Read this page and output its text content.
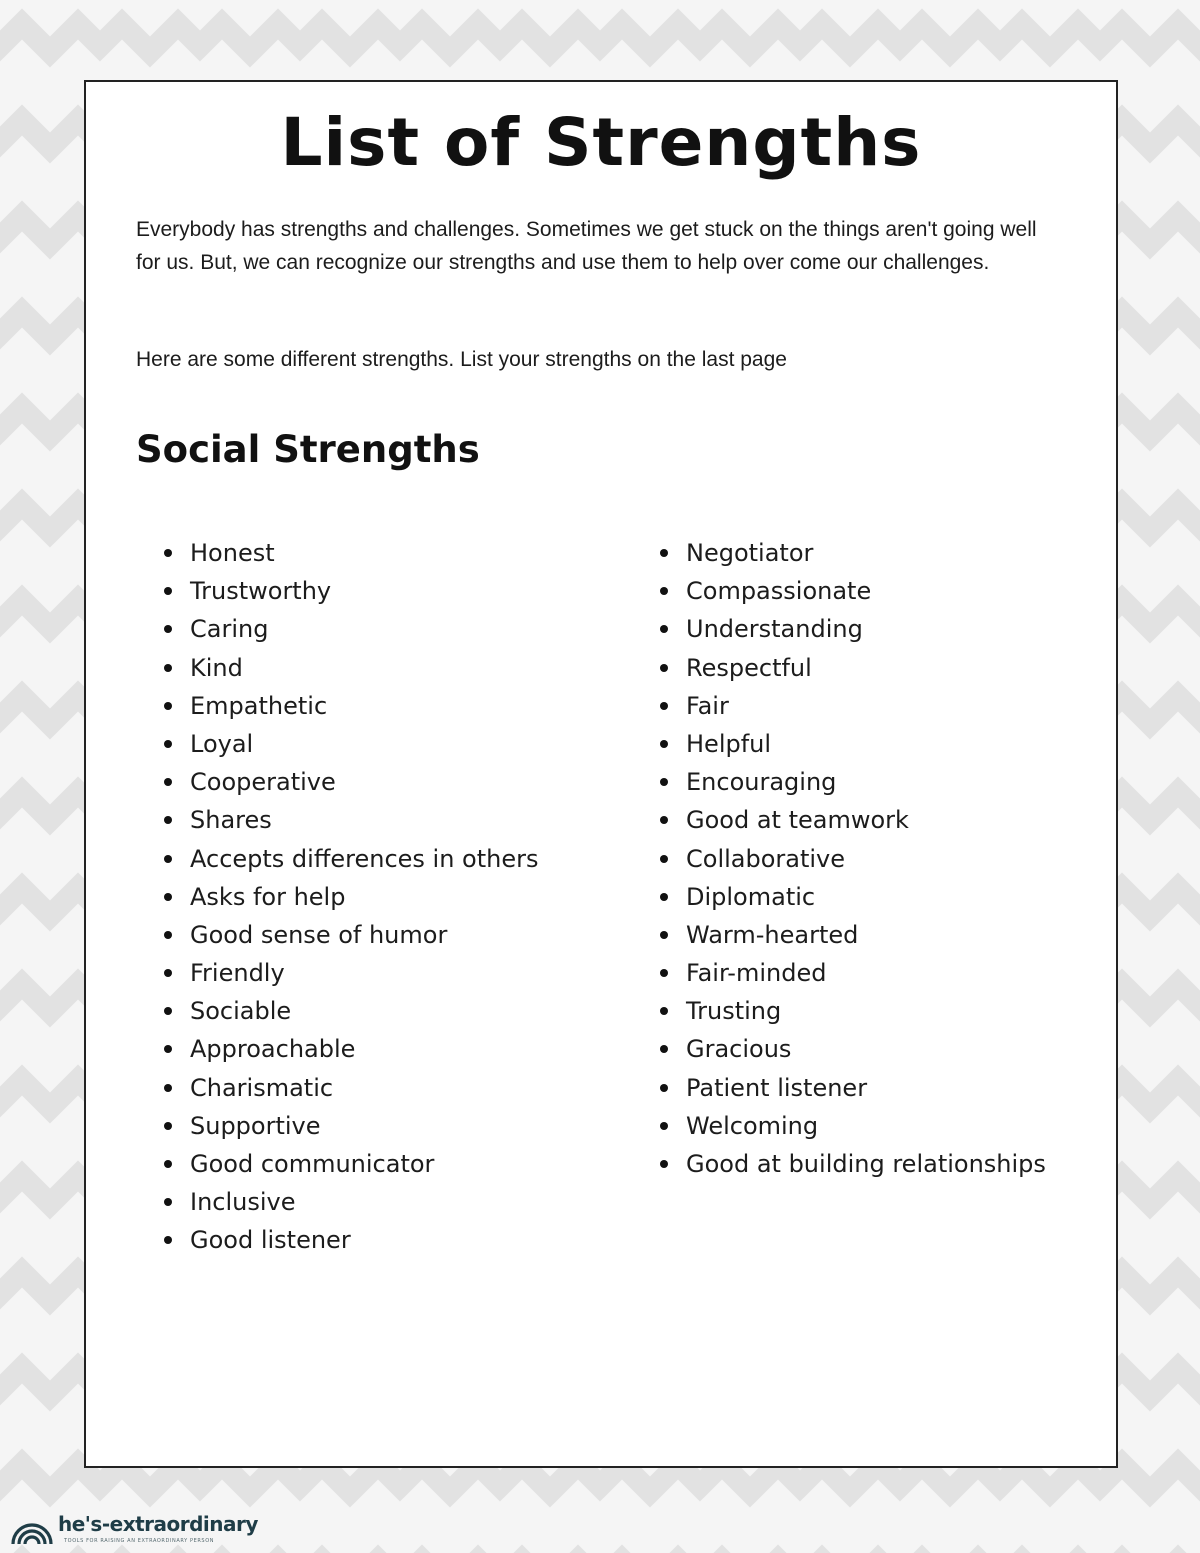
List of Strengths

Everybody has strengths and challenges. Sometimes we get stuck on the things aren't going well for us. But, we can recognize our strengths and use them to help over come our challenges.

Here are some different strengths. List your strengths on the last page

Social Strengths
Honest
Trustworthy
Caring
Kind
Empathetic
Loyal
Cooperative
Shares
Accepts differences in others
Asks for help
Good sense of humor
Friendly
Sociable
Approachable
Charismatic
Supportive
Good communicator
Inclusive
Good listener
Negotiator
Compassionate
Understanding
Respectful
Fair
Helpful
Encouraging
Good at teamwork
Collaborative
Diplomatic
Warm-hearted
Fair-minded
Trusting
Gracious
Patient listener
Welcoming
Good at building relationships
he's-extraordinary
TOOLS FOR RAISING AN EXTRAORDINARY PERSON
